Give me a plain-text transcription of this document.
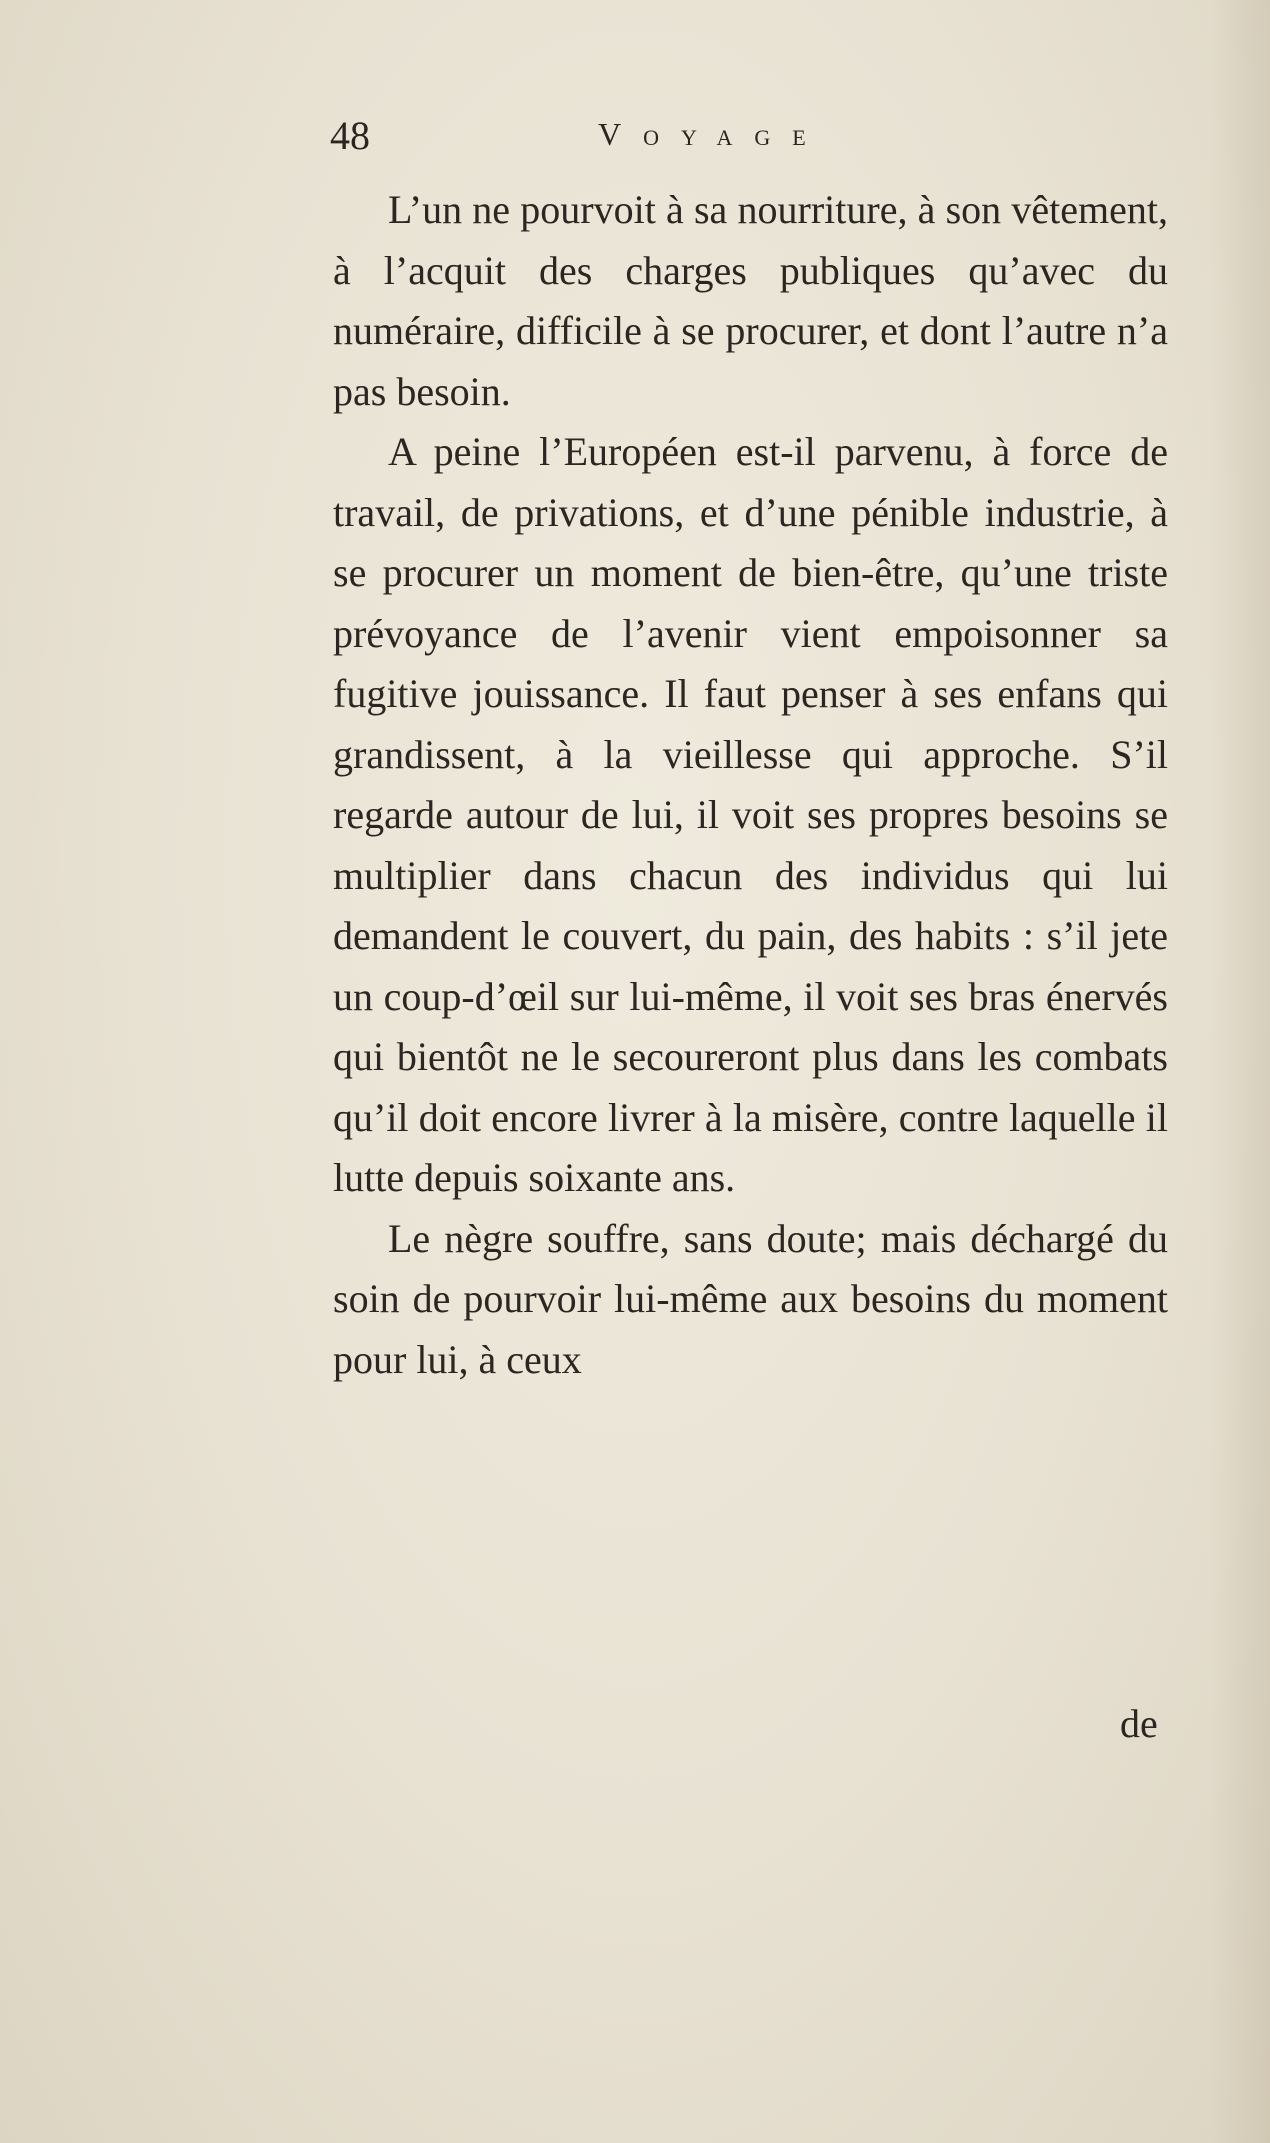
48	Voyage

L’un ne pourvoit à sa nourriture, à son vêtement, à l’acquit des charges publiques qu’avec du numéraire, difficile à se procurer, et dont l’autre n’a pas besoin.

A peine l’Européen est-il parvenu, à force de travail, de privations, et d’une pénible industrie, à se procurer un moment de bien-être, qu’une triste prévoyance de l’avenir vient empoisonner sa fugitive jouissance. Il faut penser à ses enfans qui grandissent, à la vieillesse qui approche. S’il regarde autour de lui, il voit ses propres besoins se multiplier dans chacun des individus qui lui demandent le couvert, du pain, des habits : s’il jete un coup-d’œil sur lui-même, il voit ses bras énervés qui bientôt ne le secoureront plus dans les combats qu’il doit encore livrer à la misère, contre laquelle il lutte depuis soixante ans.

Le nègre souffre, sans doute; mais déchargé du soin de pourvoir lui-même aux besoins du moment pour lui, à ceux

de
